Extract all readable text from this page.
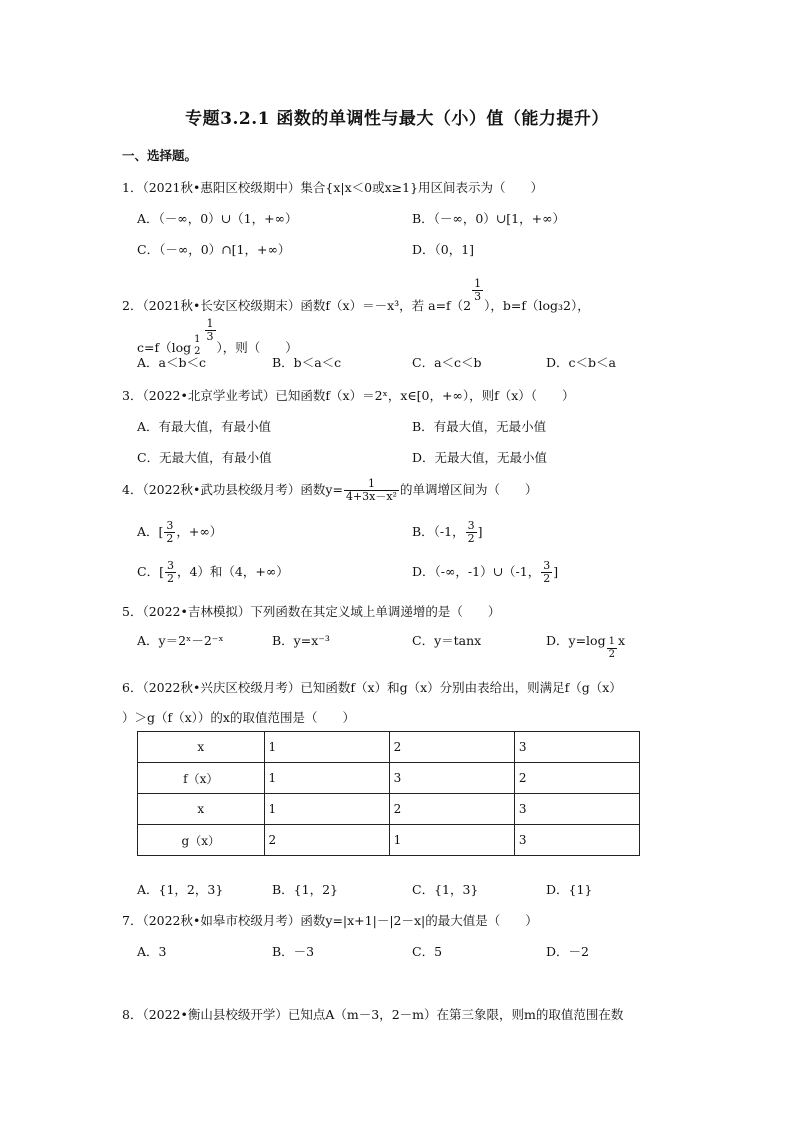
专题3.2.1 函数的单调性与最大（小）值（能力提升）
一、选择题。
1．（2021秋•惠阳区校级期中）集合{x|x＜0或x≥1}用区间表示为（　　）
A．（－∞，0）∪（1，+∞）	B．（－∞，0）∪[1，+∞）
C．（－∞，0）∩[1，+∞）	D．（0，1]
2．（2021秋•长安区校级期末）函数f（x）＝－x³，若 a=f（2
$\frac{1}{3}$
），b=f（log₃2），
c=f（log
1
2
$\frac{1}{3}$
），则（　　）
A．a＜b＜c	B．b＜a＜c	C．a＜c＜b	D．c＜b＜a
3．（2022•北京学业考试）已知函数f（x）＝2ˣ，x∈[0，+∞），则f（x）（　　）
A．有最大值，有最小值	B．有最大值，无最小值
C．无最大值，有最小值	D．无最大值，无最小值
4．（2022秋•武功县校级月考）函数$y= \frac{1}{\text{4+3x－x²}}$ 的单调增区间为（　　）
A．[ $\frac{3}{2}$ ，+∞）	B．（-1， $\frac{3}{2}$ ]
C．[ $\frac{3}{2}$ ，4）和（4，+∞）	D．（-∞，-1）∪（-1， $\frac{3}{2}$ ]
5．（2022•吉林模拟）下列函数在其定义域上单调递增的是（　　）
A．y＝2ˣ－2⁻ˣ	B．y=x⁻³	C．y＝tanx	D．$y=\log \frac{1}{2}$ x
6．（2022秋•兴庆区校级月考）已知函数f（x）和g（x）分别由表给出，则满足f（g（x）
）＞g（f（x））的x的取值范围是（　　）
x	1	2	3
f（x）	1	3	2
x	1	2	3
g（x）	2	1	3
A．{1，2，3}	B．{1，2}	C．{1，3}	D．{1}
7．（2022秋•如皋市校级月考）函数y=|x+1|－|2－x|的最大值是（　　）
A．3	B．－3	C．5	D．－2
8．（2022•衡山县校级开学）已知点A（m－3，2－m）在第三象限，则m的取值范围在数
